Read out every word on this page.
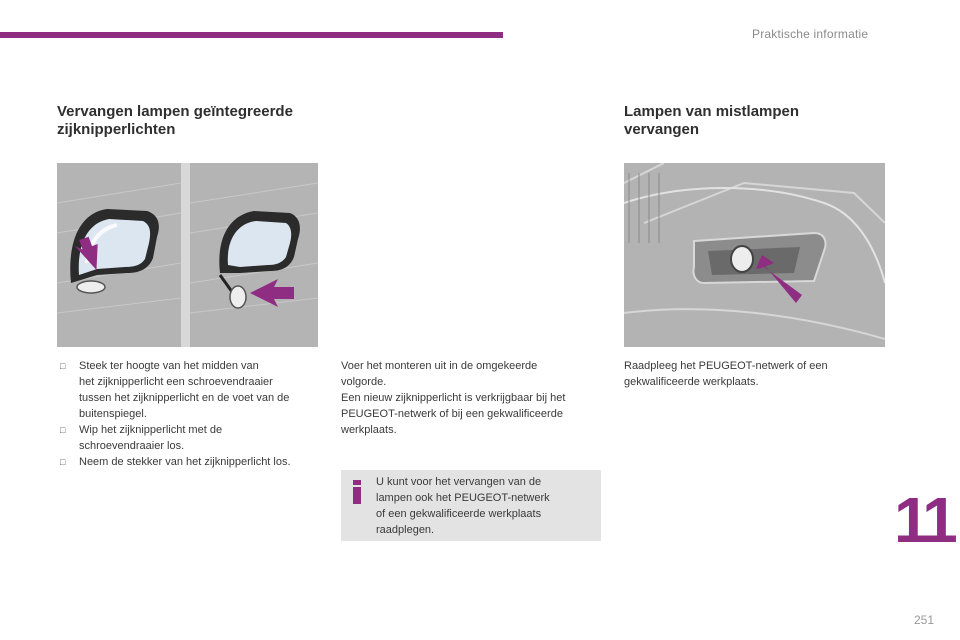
Praktische informatie
Vervangen lampen geïntegreerde
zijknipperlichten
Lampen van mistlampen
vervangen
□ Steek ter hoogte van het midden van
het zijknipperlicht een schroevendraaier
tussen het zijknipperlicht en de voet van de
buitenspiegel.
□ Wip het zijknipperlicht met de
schroevendraaier los.
□ Neem de stekker van het zijknipperlicht los.

Voer het monteren uit in de omgekeerde
volgorde.
Een nieuw zijknipperlicht is verkrijgbaar bij het
PEUGEOT-netwerk of bij een gekwalificeerde
werkplaats.

U kunt voor het vervangen van de
lampen ook het PEUGEOT-netwerk
of een gekwalificeerde werkplaats
raadplegen.

Raadpleeg het PEUGEOT-netwerk of een
gekwalificeerde werkplaats.

11
251
